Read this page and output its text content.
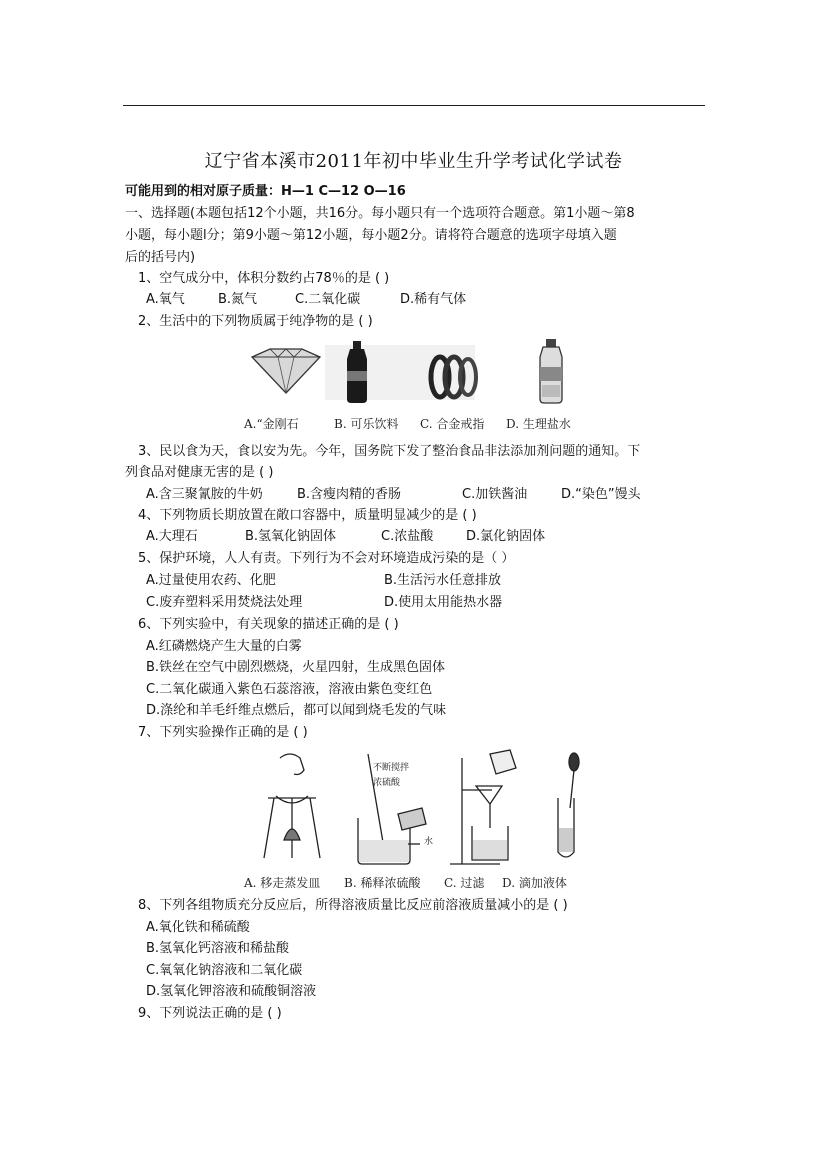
辽宁省本溪市2011年初中毕业生升学考试化学试卷
可能用到的相对原子质量：H—1 C—12 O—16
一、选择题(本题包括12个小题，共16分。每小题只有一个选项符合题意。第1小题～第8
小题，每小题l分；第9小题～第12小题，每小题2分。请将符合题意的选项字母填入题
后的括号内)
1、空气成分中，体积分数约占78％的是 ( )
A.氧气	B.氮气	C.二氧化碳	D.稀有气体
2、生活中的下列物质属于纯净物的是 ( )
A.“金刚石	B. 可乐饮料 C. 合金戒指 D. 生理盐水
3、民以食为天，食以安为先。今年，国务院下发了整治食品非法添加剂问题的通知。下
列食品对健康无害的是 ( )
A.含三聚氰胺的牛奶	B.含瘦肉精的香肠	C.加铁酱油	D.“染色”馒头
4、下列物质长期放置在敞口容器中，质量明显减少的是 ( )
A.大理石	B.氢氧化钠固体	C.浓盐酸	D.氯化钠固体
5、保护环境，人人有责。下列行为不会对环境造成污染的是（ ）
A.过量使用农药、化肥	B.生活污水任意排放
C.废弃塑料采用焚烧法处理	D.使用太用能热水器
6、下列实验中，有关现象的描述正确的是 ( )
A.红磷燃烧产生大量的白雾
B.铁丝在空气中剧烈燃烧，火星四射，生成黑色固体
C.二氧化碳通入紫色石蕊溶液，溶液由紫色变红色
D.涤纶和羊毛纤维点燃后，都可以闻到烧毛发的气味
7、下列实验操作正确的是 ( )
不断搅拌
浓硫酸
水
A. 移走蒸发皿 B. 稀释浓硫酸 C. 过滤 D. 滴加液体
8、下列各组物质充分反应后，所得溶液质量比反应前溶液质量减小的是 ( )
A.氧化铁和稀硫酸
B.氢氧化钙溶液和稀盐酸
C.氧氧化钠溶液和二氧化碳
D.氢氧化钾溶液和硫酸铜溶液
9、下列说法正确的是 ( )
